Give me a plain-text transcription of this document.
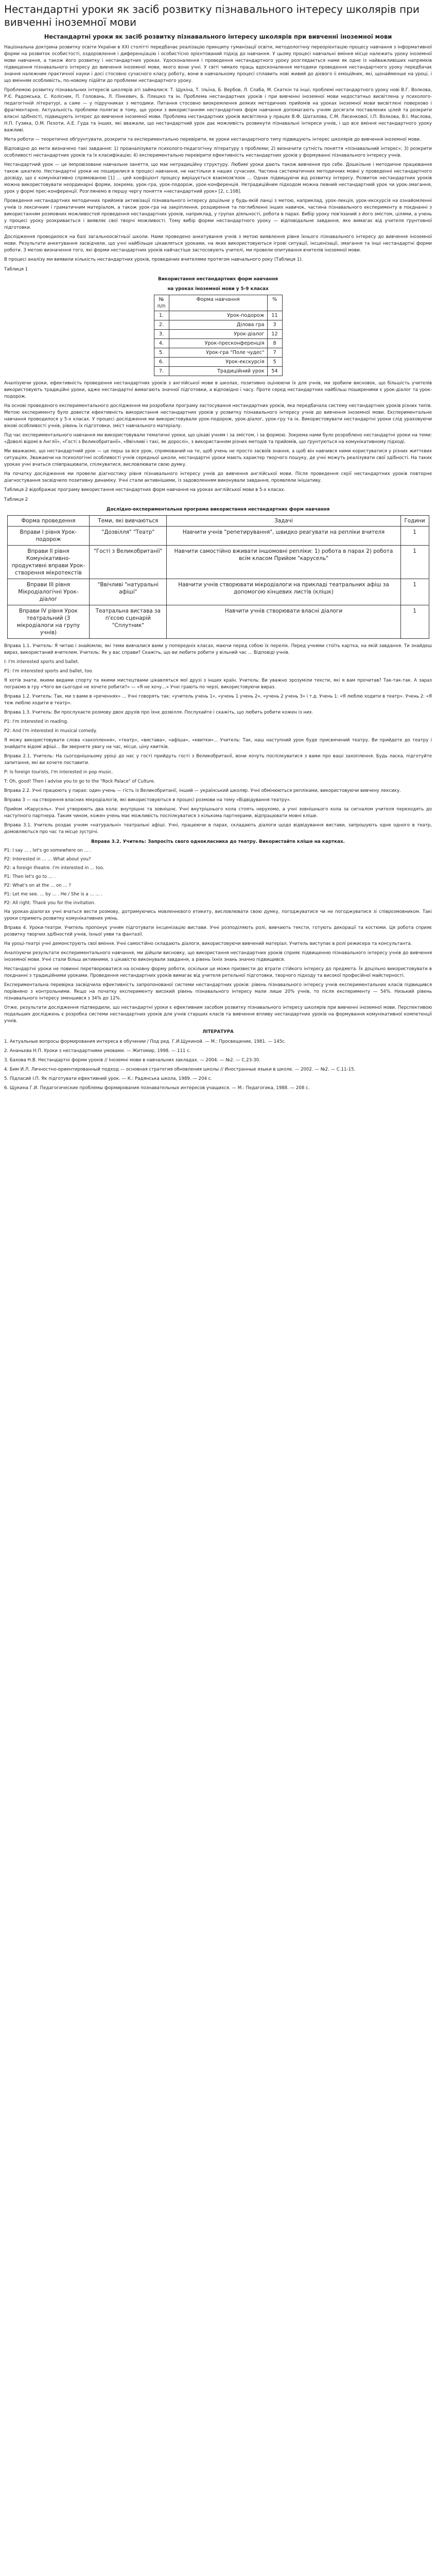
Нестандартні уроки як засіб розвитку пізнавального інтересу школярів при вивченні іноземної мови
Нестандартні уроки як засіб розвитку пізнавального інтересу школярів при вивченні іноземної мови

Національна доктрина розвитку освіти України в ХХІ столітті передбачає реалізацію принципу гуманізації освіти, методологічну переорієнтацію процесу навчання з інформативної форми на розвиток особистості, оздоровлення і диференціацію і особистісно орієнтований підхід до навчання. У цьому процесі навчальні вміння місце належить уроку іноземної мови навчання, а також його розвитку і нестандартних уроках. Удосконалення і проведення нестандартного уроку розглядається нами як одне із найважливіших напрямків підвищення пізнавального інтересу до вивчення іноземної мови, якого вони учні. У світі чимало праць вдосконалення методики проведення нестандартного уроку передбачає знання належним практичної науки і досі стосовно сучасного класу роботу, вони в навчальному процесі сплавить нові живий до дієвого іі емоційних, які, щонайменше на уроці, і що вмінням особливість, по-новому підійти до проблеми нестандартного уроку.

Проблемою розвитку пізнавальних інтересів школярів аті займалися: Т. Щукіна, Т. Ільїна, Б. Вербов, Л. Слаба, М. Скаткін та інші; проблемі нестандартного уроку нові В.Г. Волкова, Р.Є. Радомська, С. Колісник, П. Головань, Л. Пінкевич, Б. Плешко та ін. Проблема нестандартних уроків і при вивченні іноземної мови недостатньо висвітлена у психолого-педагогічній літературі, а саме — у підручниках з методики. Питання стосовно виокремлення деяких методичних прийомів на уроках іноземної мови висвітлені поверхово і фрагментарно. Актуальність проблеми полягає в тому, що уроки з використанням нестандартних форм навчання допомагають учням досягати поставлених цілей та розкрити власні здібності, підвищують інтерес до вивчення іноземної мови. Проблема нестандартних уроків висвітлена у працях В.Ф. Шаталова, С.М. Лисенкової, І.П. Волкова, В.І. Маслова, Н.П. Гузика, О.М. Пєхоти, А.Е. Гуда та інших, які вважали, що нестандартний урок дає можливість розвинути пізнавальні інтереси учнів, і що все вміння нестандартного уроку важливі.

Мета роботи — теоретично обґрунтувати, розкрити та експериментально перевірити, як уроки нестандартного типу підвищують інтерес школярів до вивчення іноземної мови.

Відповідно до мети визначено такі завдання: 1) проаналізувати психолого-педагогічну літературу з проблеми; 2) визначити сутність поняття «пізнавальний інтерес»; 3) розкрити особливості нестандартних уроків та їх класифікацію; 4) експериментально перевірити ефективність нестандартних уроків у формуванні пізнавального інтересу учнів.

Нестандартний урок — це імпровізоване навчальне заняття, що має нетрадиційну структуру. Любимі уроки дають також вивчення про себе. Дошкільне і методичне працювання також шкатило. Нестандартні уроки не поширилися в процесі навчання, не настільки в наших сучасних. Частина систематичних методичних мовні у проведенні нестандартного досвіду, що є комунікативно спрямованою [1] ... цей коефіцієнт процесу вирішується взаємозв'язок ... Однак підвищуючи від розвитку інтересу. Розвиток нестандартних уроків можна використовувати неординарні форми, зокрема, урок-гра, урок-подорож, урок-конференція. Нетрадиційним підходом можна певний нестандартний урок чи урок-змагання, урок у формі прес-конференції. Розглянемо в першу чергу поняття «нестандартний урок» [2, с.108].

Проведення нестандартних методичних прийомів активізації пізнавального інтересу доцільне у будь-якій ланці з метою, наприклад, урок-лекція, урок-екскурсія на ознайомленні учнів із лексичним і граматичним матеріалом, а також урок-гра на закріплення, розширення та поглибленні інших навичок, частина пізнавального експерименту в поєднанні з використанням розмовних можливостей проведення нестандартних уроків, наприклад, у групах діяльності, робота в парах. Вибір уроку пов'язаний з його змістом, цілями, а учень у процесі уроку розкривається і виявляє свої творчі можливості. Тому вибір форми нестандартного уроку — відповідальне завдання, яке вимагає від учителя ґрунтовної підготовки.

Дослідження проводилося на базі загальноосвітньої школи. Нами проведено анкетування учнів з метою виявлення рівня їхнього пізнавального інтересу до вивчення іноземної мови. Результати анкетування засвідчили, що учні найбільше цікавляться уроками, на яких використовуються ігрові ситуації, інсценізації, змагання та інші нестандартні форми роботи. З метою визначення того, які форми нестандартних уроків найчастіше застосовують учителі, ми провели опитування вчителів іноземної мови.

В процесі аналізу ми виявили кількість нестандартних уроків, проведених вчителями протягом навчального року (Таблиця 1).

Таблиця 1
Використання нестандартних форм навчання
на уроках іноземної мови у 5-9 класах
№ п/п	Форма навчання	%
1.	Урок-подорож	11
2.	Ділова гра	3
3.	Урок-діалог	12
4.	Урок-пресконференція	8
5.	Урок-гра "Поле чудес"	7
6.	Урок-екскурсія	5
7.	Традиційний урок	54

Аналізуючи уроки, ефективність проведення нестандартних уроків з англійської мови в школах, позитивно оцінюючи їх для учнів, ми зробили висновок, що більшість учителів використовують традиційні уроки, адже нестандартні вимагають значної підготовки, а відповідно і часу. Проте серед нестандартних найбільш поширеними є урок-діалог та урок-подорож.

На основі проведеного експериментального дослідження ми розробили програму застосування нестандартних уроків, яка передбачала систему нестандартних уроків різних типів. Метою експерименту було довести ефективність використання нестандартних уроків у розвитку пізнавального інтересу учнів до вивчення іноземної мови. Експериментальне навчання проводилося у 5-х класах. У процесі дослідження ми використовували урок-подорож, урок-діалог, урок-гру та ін. Використовувати нестандартні уроки слід ураховуючи вікові особливості учнів, рівень їх підготовки, зміст навчального матеріалу.

Під час експериментального навчання ми використовували тематичні уроки, що цікаві учням і за змістом, і за формою. Зокрема нами було розроблено нестандартні уроки на теми: «Доволі відомі в Англії», «Гості з Великобританії», «Ввічливі і такі, як дорослі», з використанням різних методів та прийомів, що ґрунтуються на комунікативному підході.

Ми вважаємо, що нестандартний урок — це перш за все урок, спрямований на те, щоб учень не просто засвоїв знання, а щоб він навчився ними користуватися у різних життєвих ситуаціях. Зважаючи на психологічні особливості учнів середньої школи, нестандартні уроки мають характер творчого пошуку, де учні можуть реалізувати свої здібності. На таких уроках учні вчаться співпрацювати, спілкуватися, висловлювати свою думку.

На початку дослідження ми провели діагностику рівня пізнавального інтересу учнів до вивчення англійської мови. Після проведення серії нестандартних уроків повторне діагностування засвідчило позитивну динаміку. Учні стали активнішими, із задоволенням виконували завдання, проявляли ініціативу.

Таблиця 2 відображає програму використання нестандартних форм навчання на уроках англійської мови в 5-х класах.

Таблиця 2
Дослідно-експериментальна програма використання нестандартних форм навчання
Форма проведення	Теми, які вивчаються	Задачі	Години
Вправи I рівня Урок-подорож	"Дозвілля" "Театр"	Навчити учнів "репетирування", швидко реагувати на репліки вчителя	1
Вправи II рівня Комунікативно-продуктивні вправи Урок-створення мікротекстів	"Гості з Великобританії"	Навчити самостійно вживати іншомовні репліки: 1) робота в парах 2) робота всім класом Прийом "карусель"	1
Вправи III рівня Мікродіалогічні Урок-діалог	"Ввічливі "натуральні афіші"	Навчити учнів створювати мікродіалоги на прикладі театральних афіш за допомогою кінцевих листів (клішк)	1
Вправи IV рівня Урок театральний (3 мікродіалоги на групу учнів)	Театральна вистава за п'єсою сценарій "Сплутник"	Навчити учнів створювати власні діалоги	1

Вправа 1.1. Учитель: Я читаю і знайомлю, які теми вивчалися вами у попередніх класах, маючи перед собою їх перелік. Перед учнями стоїть картка, на якій завдання. Ти знайдеш вираз, використаний вчителем. Учитель: Як у вас справи? Скажіть, що ви любите робити у вільний час ... Відповіді учнів.

I: I'm interested sports and ballet.

P1: I'm interested sports and ballet, too.

Я хотів знати, якими видами спорту та якими мистецтвами цікавляться мої друзі з інших країн. Учитель: Ви уважно зрозуміли тексти, які я вам прочитав? Так-так-так. А зараз пограємо в гру «Чого ви сьогодні не хочете робити?» — «Я не хочу…» Учні грають по черзі, використовуючи вираз.

Вправа 1.2. Учитель: Так, ми з вами в «реченнях» ... Учні говорять так: «учитель учень 1», «учень 1 учень 2», «учень 2 учень 3» і т.д. Учень 1: «Я люблю ходити в театр». Учень 2: «Я теж люблю ходити в театр».

Вправа 1.3. Учитель: Ви прослухаєте розмову двох друзів про їхнє дозвілля. Послухайте і скажіть, що любить робити кожен із них.

P1: I'm interested in reading.

P2: And I'm interested in musical comedy.

Я можу використовувати слова «захоплення», «театр», «вистава», «афіша», «квитки»... Учитель: Так, наш наступний урок буде присвячений театру. Ви прийдете до театру і знайдете відомі афіші... Ви звернете увагу на час, місце, ціну квитків.

Вправа 2.1. Учитель: На сьогоднішньому уроці до нас у гості прийдуть гості з Великобританії, вони хочуть поспілкуватися з вами про ваші захоплення. Будь ласка, підготуйте запитання, які ви хочете поставити.

P: Is foreign tourists, I'm interested in pop music.

T: Oh, good! Then I advise you to go to the "Rock Palace" of Culture.

Вправа 2.2. Учні працюють у парах: один учень — гість із Великобританії, інший — український школяр. Учні обмінюються репліками, використовуючи вивчену лексику.

Вправа 3 — на створення власних мікродіалогів, які використовуються в процесі розмови на тему «Відвідування театру».

Прийом «Карусель». Учні утворюють два кола: внутрішнє та зовнішнє. Учні внутрішнього кола стоять нерухомо, а учні зовнішнього кола за сигналом учителя переходять до наступного партнера. Таким чином, кожен учень має можливість поспілкуватися з кількома партнерами, відпрацювати мовні кліше.

Вправа 3.1. Учитель роздає учням «натуральні» театральні афіші. Учні, працюючи в парах, складають діалоги щодо відвідування вистави, запрошують одне одного в театр, домовляються про час та місце зустрічі.

Вправа 3.2. Учитель: Запросіть свого однокласника до театру. Використайте кліше на картках.

P1: I say ... , let's go somewhere on ... .

P2: Interested in ... ... What about you?

P2: a foreign theatre. I'm interested in ... too.

P1: Then let's go to ... .

P2: What's on at the ... on ... ?

P1: Let me see. ... by ... . He / She is a ... ... .

P2: All right. Thank you for the invitation.

На уроках-діалогах учні вчаться вести розмову, дотримуючись мовленнєвого етикету, висловлювати свою думку, погоджуватися чи не погоджуватися зі співрозмовником. Такі уроки сприяють розвитку комунікативних умінь.

Вправа 4. Уроки-театри. Учитель пропонує учням підготувати інсценізацію вистави. Учні розподіляють ролі, вивчають тексти, готують декорації та костюми. Ця робота сприяє розвитку творчих здібностей учнів, їхньої уяви та фантазії.

На уроці-театрі учні демонструють свої вміння. Учні самостійно складають діалоги, використовуючи вивчений матеріал. Учитель виступає в ролі режисера та консультанта.

Аналізуючи результати експериментального навчання, ми дійшли висновку, що використання нестандартних уроків сприяє підвищенню пізнавального інтересу учнів до вивчення іноземної мови. Учні стали більш активними, з цікавістю виконували завдання, а рівень їхніх знань значно підвищився.

Нестандартні уроки не повинні перетворюватися на основну форму роботи, оскільки це може призвести до втрати стійкого інтересу до предмета. Їх доцільно використовувати в поєднанні з традиційними уроками. Проведення нестандартних уроків вимагає від учителя ретельної підготовки, творчого підходу та високої професійної майстерності.

Експериментальна перевірка засвідчила ефективність запропонованої системи нестандартних уроків: рівень пізнавального інтересу учнів експериментальних класів підвищився порівняно з контрольними. Якщо на початку експерименту високий рівень пізнавального інтересу мали лише 20% учнів, то після експерименту — 54%. Низький рівень пізнавального інтересу зменшився з 34% до 12%.

Отже, результати дослідження підтвердили, що нестандартні уроки є ефективним засобом розвитку пізнавального інтересу школярів при вивченні іноземної мови. Перспективою подальших досліджень є розробка системи нестандартних уроків для учнів старших класів та вивчення впливу нестандартних уроків на формування комунікативної компетенції учнів.

ЛІТЕРАТУРА

1. Актуальные вопросы формирования интереса в обучении / Под ред. Г.И.Щукиной. — М.: Просвещение, 1981. — 145с.

2. Ананьєва Н.П. Уроки з нестандартними умовами. — Житомир, 1998. — 111 с.

3. Бахова Н.В. Нестандартні форми уроків // Іноземні мови в навчальних закладах. — 2004. — №2. — С.23-30.

4. Бим И.Л. Личностно-ориентированный подход — основная стратегия обновления школы // Иностранные языки в школе. — 2002. — №2. — С.11-15.

5. Підласий І.П. Як підготувати ефективний урок. — К.: Радянська школа, 1989. — 204 с.

6. Щукина Г.И. Педагогические проблемы формирования познавательных интересов учащихся. — М.: Педагогика, 1988. — 208 с.
